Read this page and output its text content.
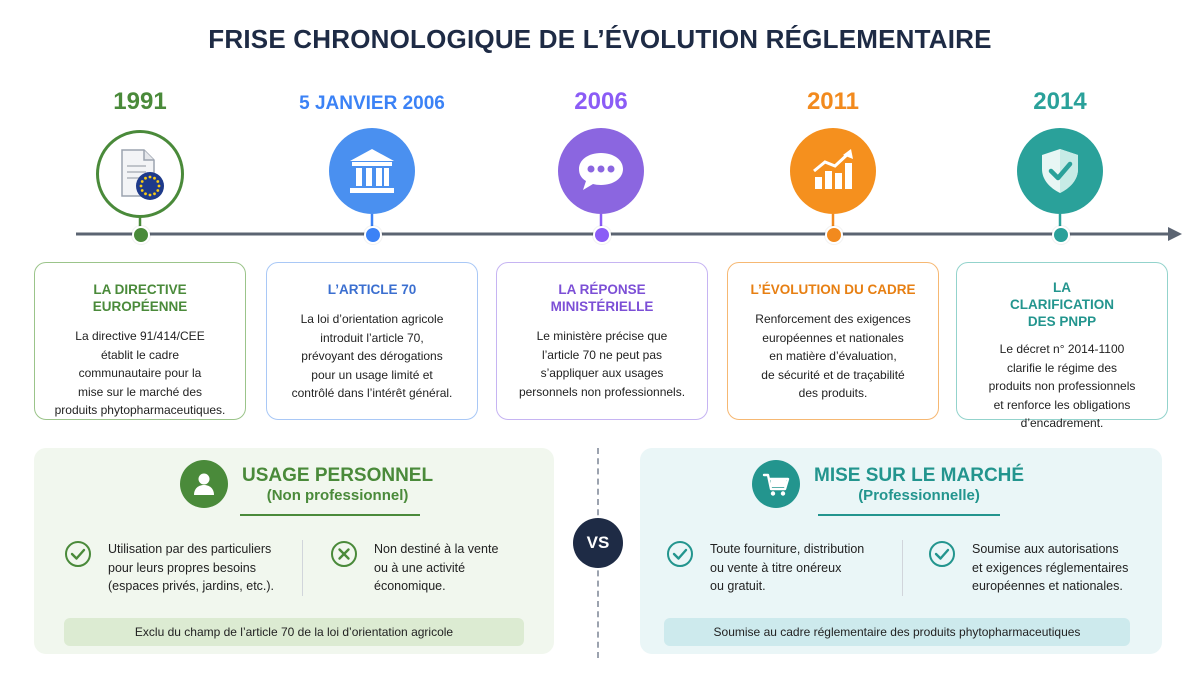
FRISE CHRONOLOGIQUE DE L’ÉVOLUTION RÉGLEMENTAIRE
1991
LA DIRECTIVE EUROPÉENNE
La directive 91/414/CEE
établit le cadre
communautaire pour la
mise sur le marché des
produits phytopharmaceutiques.
5 JANVIER 2006
L’ARTICLE 70
La loi d’orientation agricole
introduit l’article 70,
prévoyant des dérogations
pour un usage limité et
contrôlé dans l’intérêt général.
2006
LA RÉPONSE MINISTÉRIELLE
Le ministère précise que
l’article 70 ne peut pas
s’appliquer aux usages
personnels non professionnels.
2011
L’ÉVOLUTION DU CADRE
Renforcement des exigences
européennes et nationales
en matière d’évaluation,
de sécurité et de traçabilité
des produits.
2014
LA CLARIFICATION DES PNPP
Le décret n° 2014-1100
clarifie le régime des
produits non professionnels
et renforce les obligations
d’encadrement.
USAGE PERSONNEL
(Non professionnel)
Utilisation par des particuliers
pour leurs propres besoins
(espaces privés, jardins, etc.).
Non destiné à la vente
ou à une activité
économique.
Exclu du champ de l’article 70 de la loi d’orientation agricole
VS
MISE SUR LE MARCHÉ
(Professionnelle)
Toute fourniture, distribution
ou vente à titre onéreux
ou gratuit.
Soumise aux autorisations
et exigences réglementaires
européennes et nationales.
Soumise au cadre réglementaire des produits phytopharmaceutiques
